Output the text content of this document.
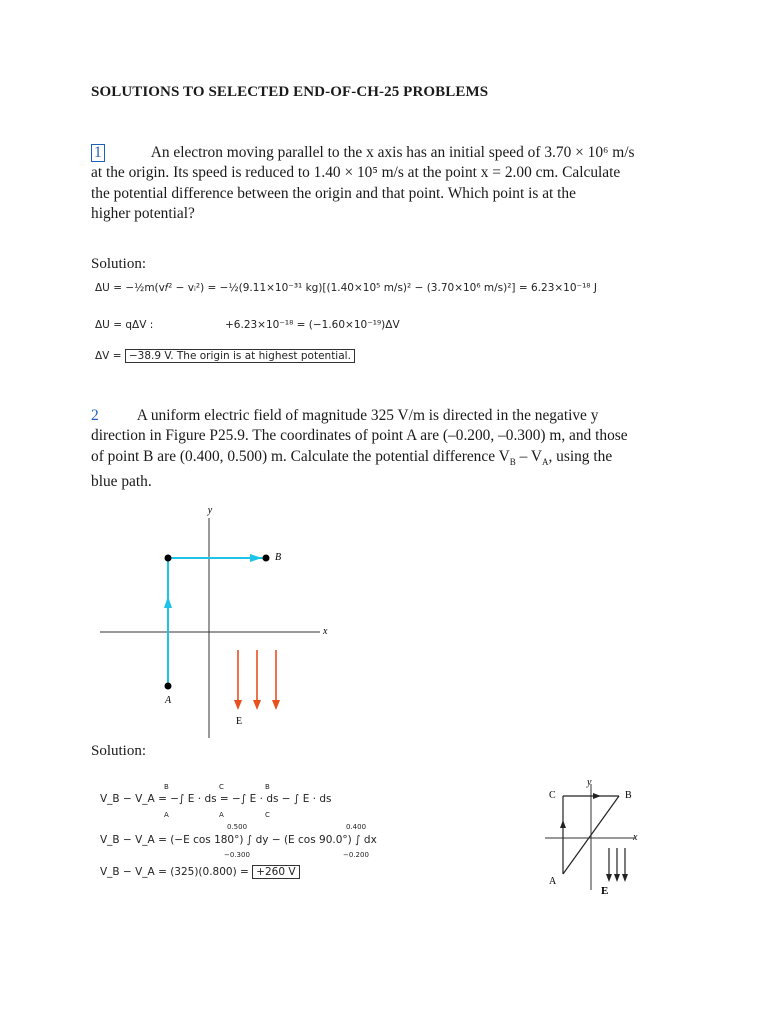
SOLUTIONS TO SELECTED END-OF-CH-25 PROBLEMS
1	An electron moving parallel to the x axis has an initial speed of 3.70 × 10⁶ m/s
at the origin. Its speed is reduced to 1.40 × 10⁵ m/s at the point x = 2.00 cm. Calculate
the potential difference between the origin and that point. Which point is at the
higher potential?
Solution:
ΔU = −½m(v𝑓² − vᵢ²) = −½(9.11×10⁻³¹ kg)[(1.40×10⁵ m/s)² − (3.70×10⁶ m/s)²] = 6.23×10⁻¹⁸ J
ΔU = qΔV :	+6.23×10⁻¹⁸ = (−1.60×10⁻¹⁹)ΔV
ΔV = −38.9 V. The origin is at highest potential.
2 A uniform electric field of magnitude 325 V/m is directed in the negative y
direction in Figure P25.9. The coordinates of point A are (–0.200, –0.300) m, and those
of point B are (0.400, 0.500) m. Calculate the potential difference $V_B - V_A$, using the
blue path.
y
x
B
A
E
Solution:
V_B − V_A = −∫ E · ds = −∫ E · ds − ∫ E · ds
B
A
C
A
B
C
V_B − V_A = (−E cos 180°) ∫ dy − (E cos 90.0°) ∫ dx
0.500
−0.300
0.400
−0.200
V_B − V_A = (325)(0.800) = +260 V
y
x
C	B
A
E
